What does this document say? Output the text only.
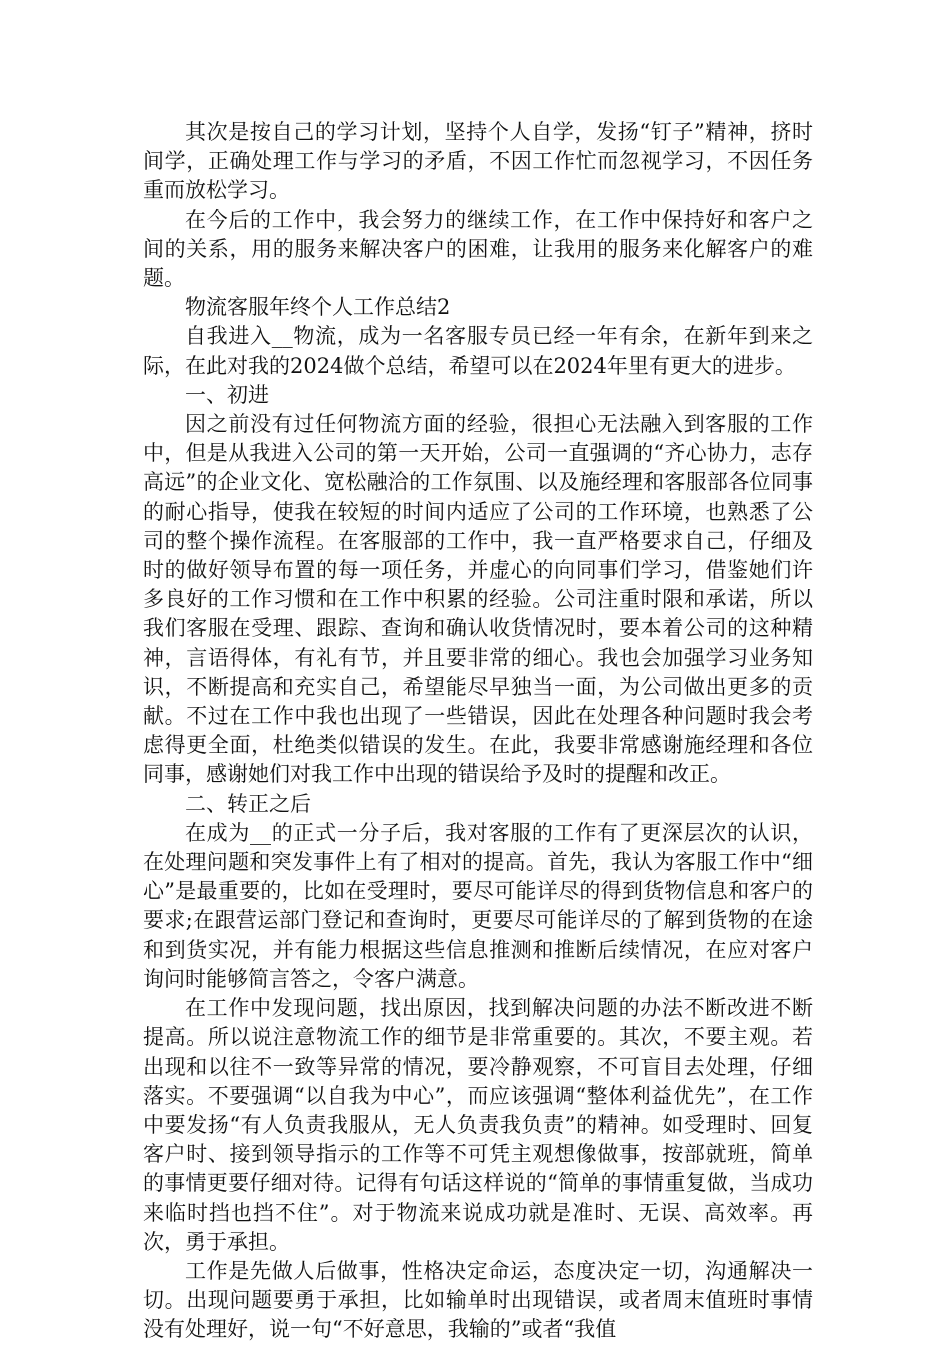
其次是按自己的学习计划，坚持个人自学，发扬“钉子”精神，挤时间学，正确处理工作与学习的矛盾，不因工作忙而忽视学习，不因任务重而放松学习。

在今后的工作中，我会努力的继续工作，在工作中保持好和客户之间的关系，用的服务来解决客户的困难，让我用的服务来化解客户的难题。

物流客服年终个人工作总结2

自我进入__物流，成为一名客服专员已经一年有余，在新年到来之际，在此对我的2024做个总结，希望可以在2024年里有更大的进步。

一、初进

因之前没有过任何物流方面的经验，很担心无法融入到客服的工作中，但是从我进入公司的第一天开始，公司一直强调的“齐心协力，志存高远”的企业文化、宽松融洽的工作氛围、以及施经理和客服部各位同事的耐心指导，使我在较短的时间内适应了公司的工作环境，也熟悉了公司的整个操作流程。在客服部的工作中，我一直严格要求自己，仔细及时的做好领导布置的每一项任务，并虚心的向同事们学习，借鉴她们许多良好的工作习惯和在工作中积累的经验。公司注重时限和承诺，所以我们客服在受理、跟踪、查询和确认收货情况时，要本着公司的这种精神，言语得体，有礼有节，并且要非常的细心。我也会加强学习业务知识，不断提高和充实自己，希望能尽早独当一面，为公司做出更多的贡献。不过在工作中我也出现了一些错误，因此在处理各种问题时我会考虑得更全面，杜绝类似错误的发生。在此，我要非常感谢施经理和各位同事，感谢她们对我工作中出现的错误给予及时的提醒和改正。

二、转正之后

在成为__的正式一分子后，我对客服的工作有了更深层次的认识，在处理问题和突发事件上有了相对的提高。首先，我认为客服工作中“细心”是最重要的，比如在受理时，要尽可能详尽的得到货物信息和客户的要求;在跟营运部门登记和查询时，更要尽可能详尽的了解到货物的在途和到货实况，并有能力根据这些信息推测和推断后续情况，在应对客户询问时能够简言答之，令客户满意。

在工作中发现问题，找出原因，找到解决问题的办法不断改进不断提高。所以说注意物流工作的细节是非常重要的。其次，不要主观。若出现和以往不一致等异常的情况，要冷静观察，不可盲目去处理，仔细落实。不要强调“以自我为中心”，而应该强调“整体利益优先”，在工作中要发扬“有人负责我服从，无人负责我负责”的精神。如受理时、回复客户时、接到领导指示的工作等不可凭主观想像做事，按部就班，简单的事情更要仔细对待。记得有句话这样说的“简单的事情重复做，当成功来临时挡也挡不住”。对于物流来说成功就是准时、无误、高效率。再次，勇于承担。

工作是先做人后做事，性格决定命运，态度决定一切，沟通解决一切。出现问题要勇于承担，比如输单时出现错误，或者周末值班时事情没有处理好，说一句“不好意思，我输的”或者“我值
